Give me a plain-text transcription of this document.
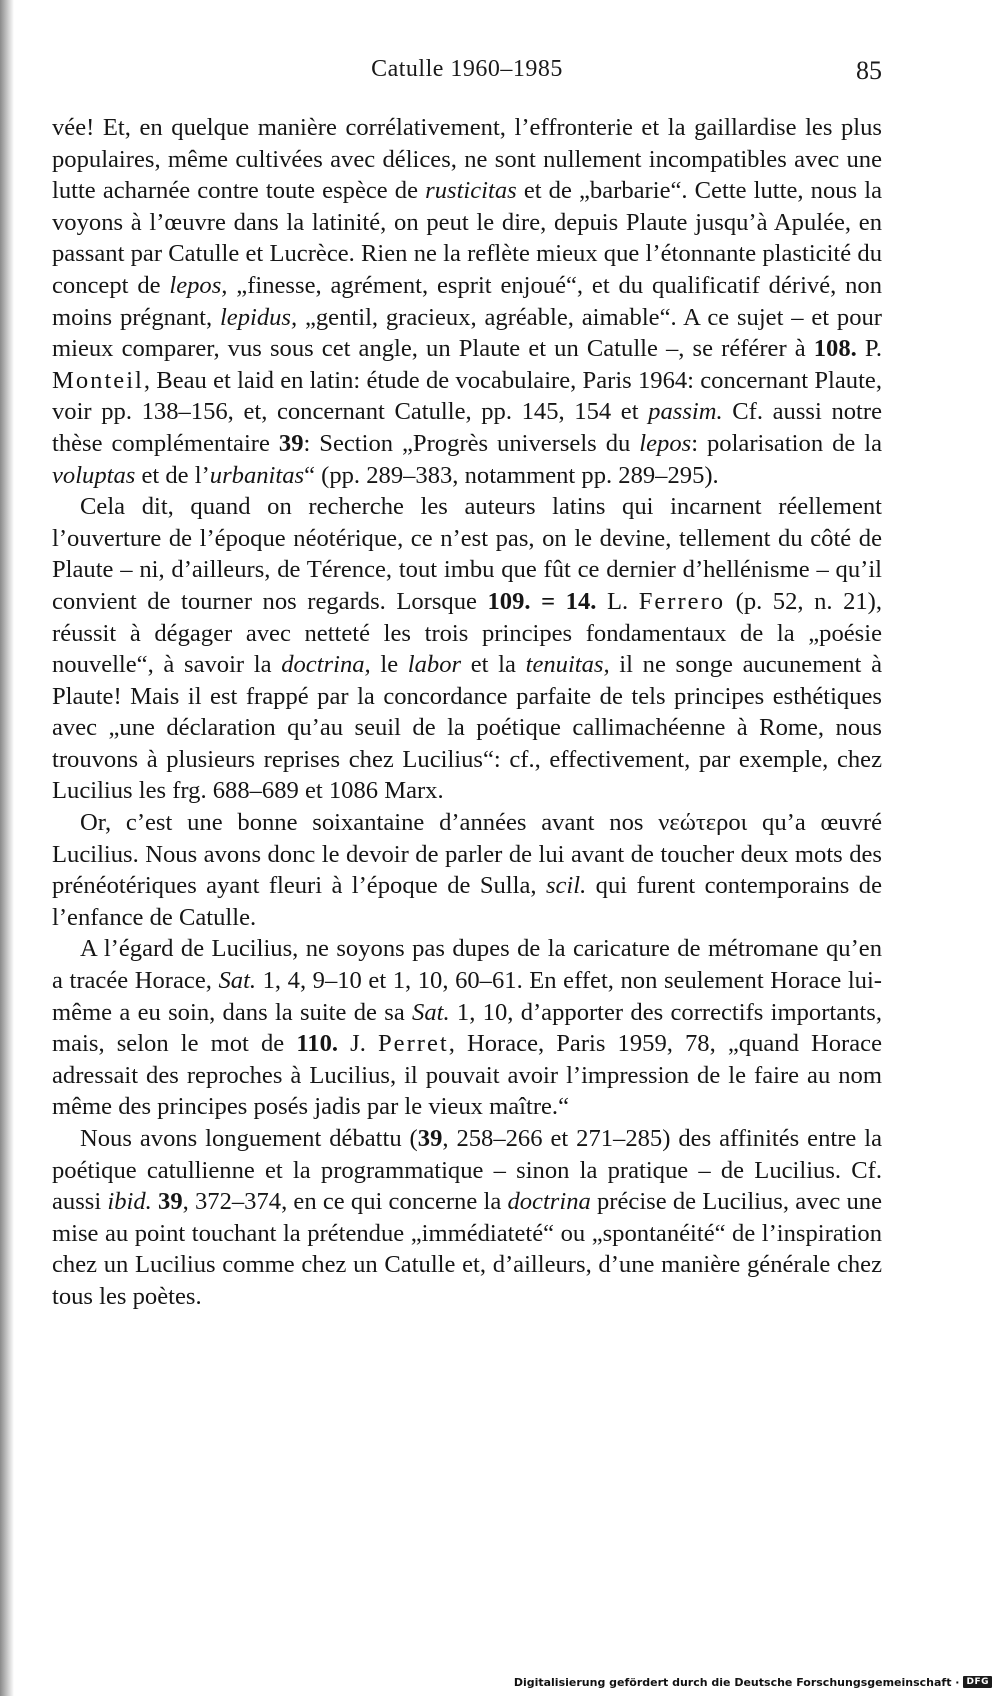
Catulle 1960–1985	85

vée! Et, en quelque manière corrélativement, l’effronterie et la gaillardise les plus populaires, même cultivées avec délices, ne sont nullement incompatibles avec une lutte acharnée contre toute espèce de rusticitas et de „barbarie“. Cette lutte, nous la voyons à l’œuvre dans la latinité, on peut le dire, depuis Plaute jusqu’à Apulée, en passant par Catulle et Lucrèce. Rien ne la reflète mieux que l’étonnante plasticité du concept de lepos, „finesse, agrément, esprit enjoué“, et du qualificatif dérivé, non moins prégnant, lepidus, „gentil, gracieux, agréable, aimable“. A ce sujet – et pour mieux comparer, vus sous cet angle, un Plaute et un Catulle –, se référer à 108. P. Monteil, Beau et laid en latin: étude de vocabulaire, Paris 1964: concernant Plaute, voir pp. 138–156, et, concernant Catulle, pp. 145, 154 et passim. Cf. aussi notre thèse complémentaire 39: Section „Progrès universels du lepos: polarisation de la voluptas et de l’urbanitas“ (pp. 289–383, notamment pp. 289–295).

Cela dit, quand on recherche les auteurs latins qui incarnent réellement l’ouverture de l’époque néotérique, ce n’est pas, on le devine, tellement du côté de Plaute – ni, d’ailleurs, de Térence, tout imbu que fût ce dernier d’hellénisme – qu’il convient de tourner nos regards. Lorsque 109. = 14. L. Ferrero (p. 52, n. 21), réussit à dégager avec netteté les trois principes fondamentaux de la „poésie nouvelle“, à savoir la doctrina, le labor et la tenuitas, il ne songe aucunement à Plaute! Mais il est frappé par la concordance parfaite de tels principes esthétiques avec „une déclaration qu’au seuil de la poétique callimachéenne à Rome, nous trouvons à plusieurs reprises chez Lucilius“: cf., effectivement, par exemple, chez Lucilius les frg. 688–689 et 1086 Marx.

Or, c’est une bonne soixantaine d’années avant nos νεώτεροι qu’a œuvré Lucilius. Nous avons donc le devoir de parler de lui avant de toucher deux mots des prénéotériques ayant fleuri à l’époque de Sulla, scil. qui furent contemporains de l’enfance de Catulle.

A l’égard de Lucilius, ne soyons pas dupes de la caricature de métromane qu’en a tracée Horace, Sat. 1, 4, 9–10 et 1, 10, 60–61. En effet, non seulement Horace lui-même a eu soin, dans la suite de sa Sat. 1, 10, d’apporter des correctifs importants, mais, selon le mot de 110. J. Perret, Horace, Paris 1959, 78, „quand Horace adressait des reproches à Lucilius, il pouvait avoir l’impression de le faire au nom même des principes posés jadis par le vieux maître.“

Nous avons longuement débattu (39, 258–266 et 271–285) des affinités entre la poétique catullienne et la programmatique – sinon la pratique – de Lucilius. Cf. aussi ibid. 39, 372–374, en ce qui concerne la doctrina précise de Lucilius, avec une mise au point touchant la prétendue „immédiateté“ ou „spontanéité“ de l’inspiration chez un Lucilius comme chez un Catulle et, d’ailleurs, d’une manière générale chez tous les poètes.

Digitalisierung gefördert durch die Deutsche Forschungsgemeinschaft · DFG
